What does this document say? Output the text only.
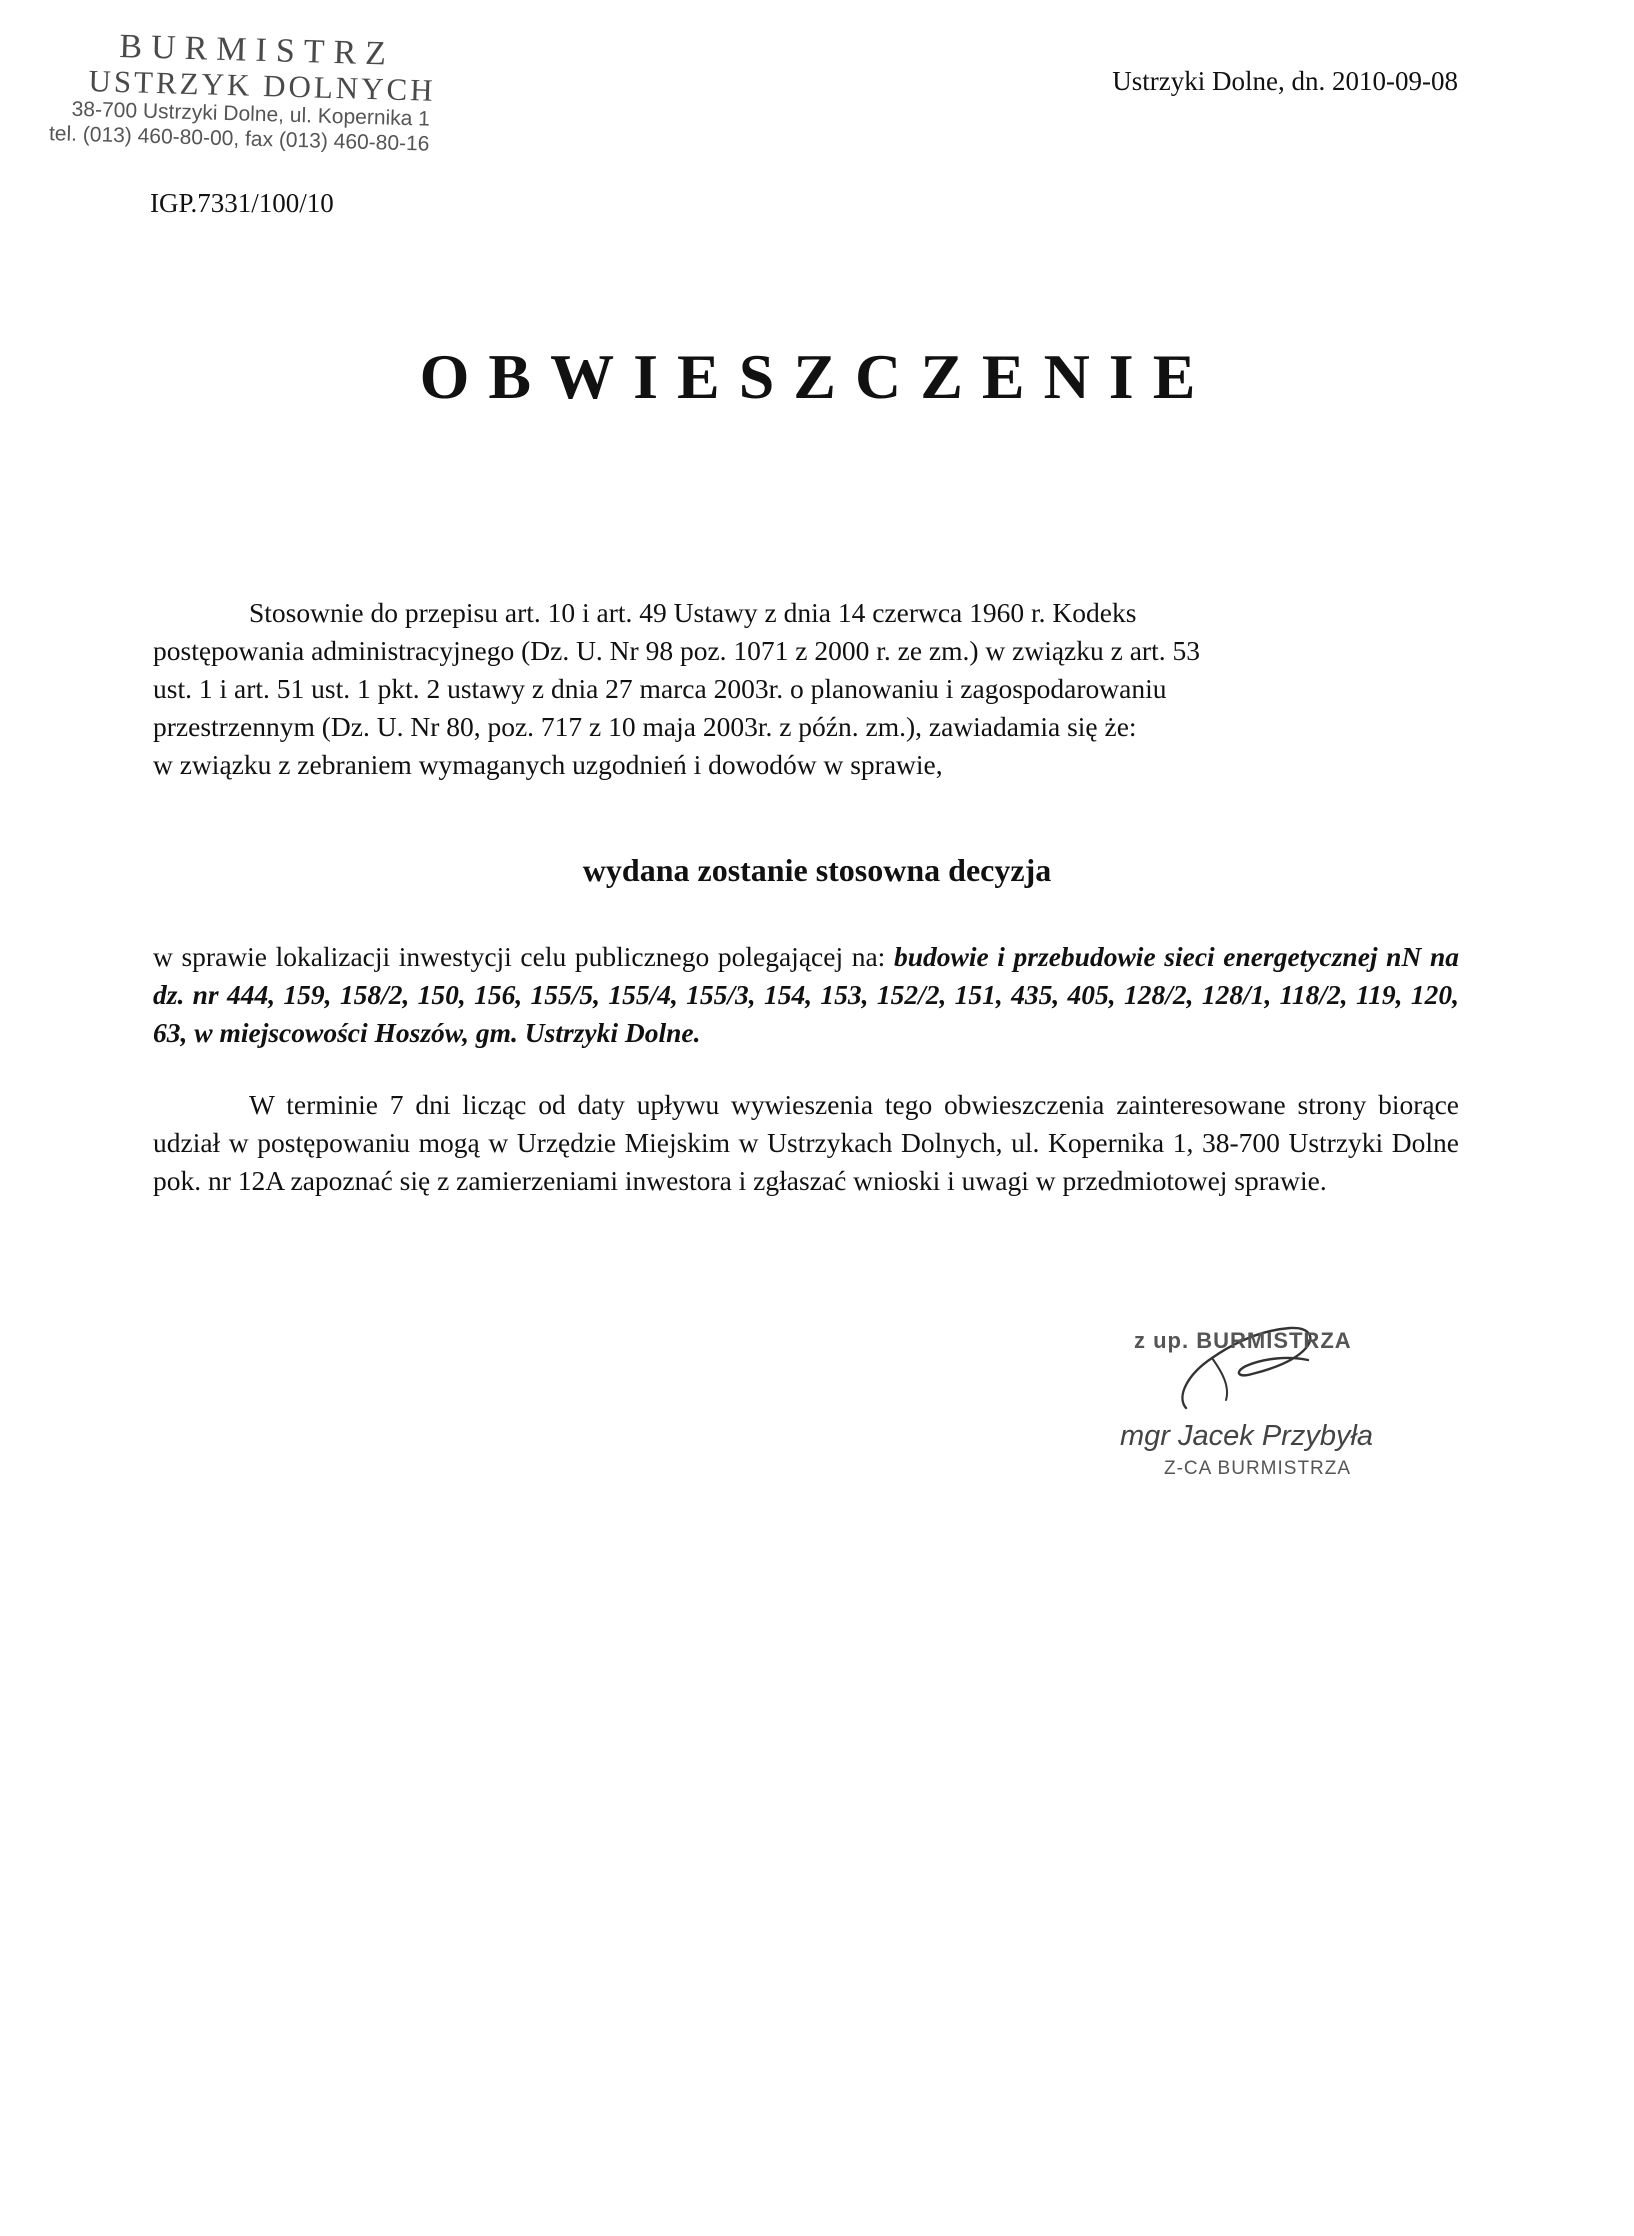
BURMISTRZ
USTRZYK DOLNYCH
38-700 Ustrzyki Dolne, ul. Kopernika 1
tel. (013) 460-80-00, fax (013) 460-80-16
Ustrzyki Dolne, dn. 2010-09-08
IGP.7331/100/10
OBWIESZCZENIE
Stosownie do przepisu art. 10 i art. 49 Ustawy z dnia 14 czerwca 1960 r. Kodeks
postępowania administracyjnego (Dz. U. Nr 98 poz. 1071 z 2000 r. ze zm.) w związku z art. 53
ust. 1 i art. 51 ust. 1 pkt. 2 ustawy z dnia 27 marca 2003r. o planowaniu i zagospodarowaniu
przestrzennym (Dz. U. Nr 80, poz. 717 z 10 maja 2003r. z późn. zm.), zawiadamia się że:
w związku z zebraniem wymaganych uzgodnień i dowodów w sprawie,
wydana zostanie stosowna decyzja
w sprawie lokalizacji inwestycji celu publicznego polegającej na: budowie i przebudowie sieci energetycznej nN na dz. nr 444, 159, 158/2, 150, 156, 155/5, 155/4, 155/3, 154, 153, 152/2, 151, 435, 405, 128/2, 128/1, 118/2, 119, 120, 63, w miejscowości Hoszów, gm. Ustrzyki Dolne.
W terminie 7 dni licząc od daty upływu wywieszenia tego obwieszczenia zainteresowane strony biorące udział w postępowaniu mogą w Urzędzie Miejskim w Ustrzykach Dolnych, ul. Kopernika 1, 38-700 Ustrzyki Dolne pok. nr 12A zapoznać się z zamierzeniami inwestora i zgłaszać wnioski i uwagi w przedmiotowej sprawie.
z up. BURMISTRZA
mgr Jacek Przybyła
Z-CA BURMISTRZA
